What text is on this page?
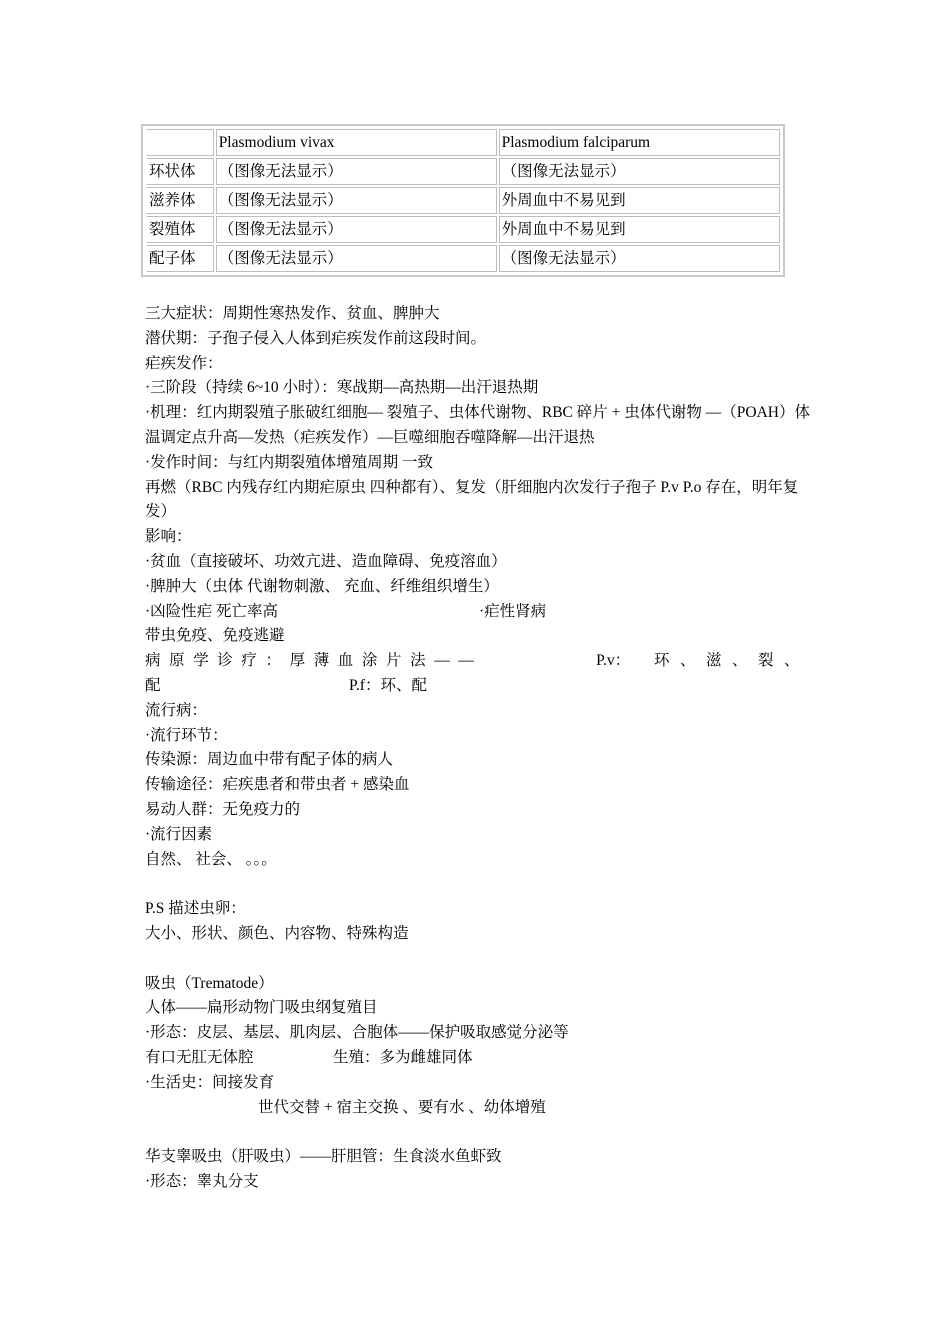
	Plasmodium vivax	Plasmodium falciparum
环状体	（图像无法显示）	（图像无法显示）
滋养体	（图像无法显示）	外周血中不易见到
裂殖体	（图像无法显示）	外周血中不易见到
配子体	（图像无法显示）	（图像无法显示）
三大症状：周期性寒热发作、贫血、脾肿大
潜伏期：子孢子侵入人体到疟疾发作前这段时间。
疟疾发作：
·三阶段（持续 6~10 小时）：寒战期—高热期—出汗退热期
·机理：红内期裂殖子胀破红细胞— 裂殖子、虫体代谢物、RBC 碎片 + 虫体代谢物 —（POAH）体温调定点升高—发热（疟疾发作）—巨噬细胞吞噬降解—出汗退热
·发作时间：与红内期裂殖体增殖周期 一致
再燃（RBC 内残存红内期疟原虫 四种都有）、复发（肝细胞内次发行子孢子 P.v P.o 存在，明年复发）
影响：
·贫血（直接破坏、功效亢进、造血障碍、免疫溶血）
·脾肿大（虫体 代谢物刺激、 充血、纤维组织增生）
·凶险性疟 死亡率高	·疟性肾病
带虫免疫、免疫逃避
病原学诊疗：厚薄血涂片法——	P.v：	环、滋、裂、
配	P.f：环、配
流行病：
·流行环节：
传染源：周边血中带有配子体的病人
传输途径：疟疾患者和带虫者 + 感染血
易动人群：无免疫力的
·流行因素
自然、 社会、 。。。
P.S 描述虫卵：
大小、形状、颜色、内容物、特殊构造
吸虫（Trematode）
人体——扁形动物门吸虫纲复殖目
·形态：皮层、基层、肌肉层、合胞体——保护吸取感觉分泌等
有口无肛无体腔	生殖：多为雌雄同体
·生活史：间接发育
世代交替 + 宿主交换 、要有水 、幼体增殖
华支睾吸虫（肝吸虫）——肝胆管：生食淡水鱼虾致
·形态：睾丸分支
